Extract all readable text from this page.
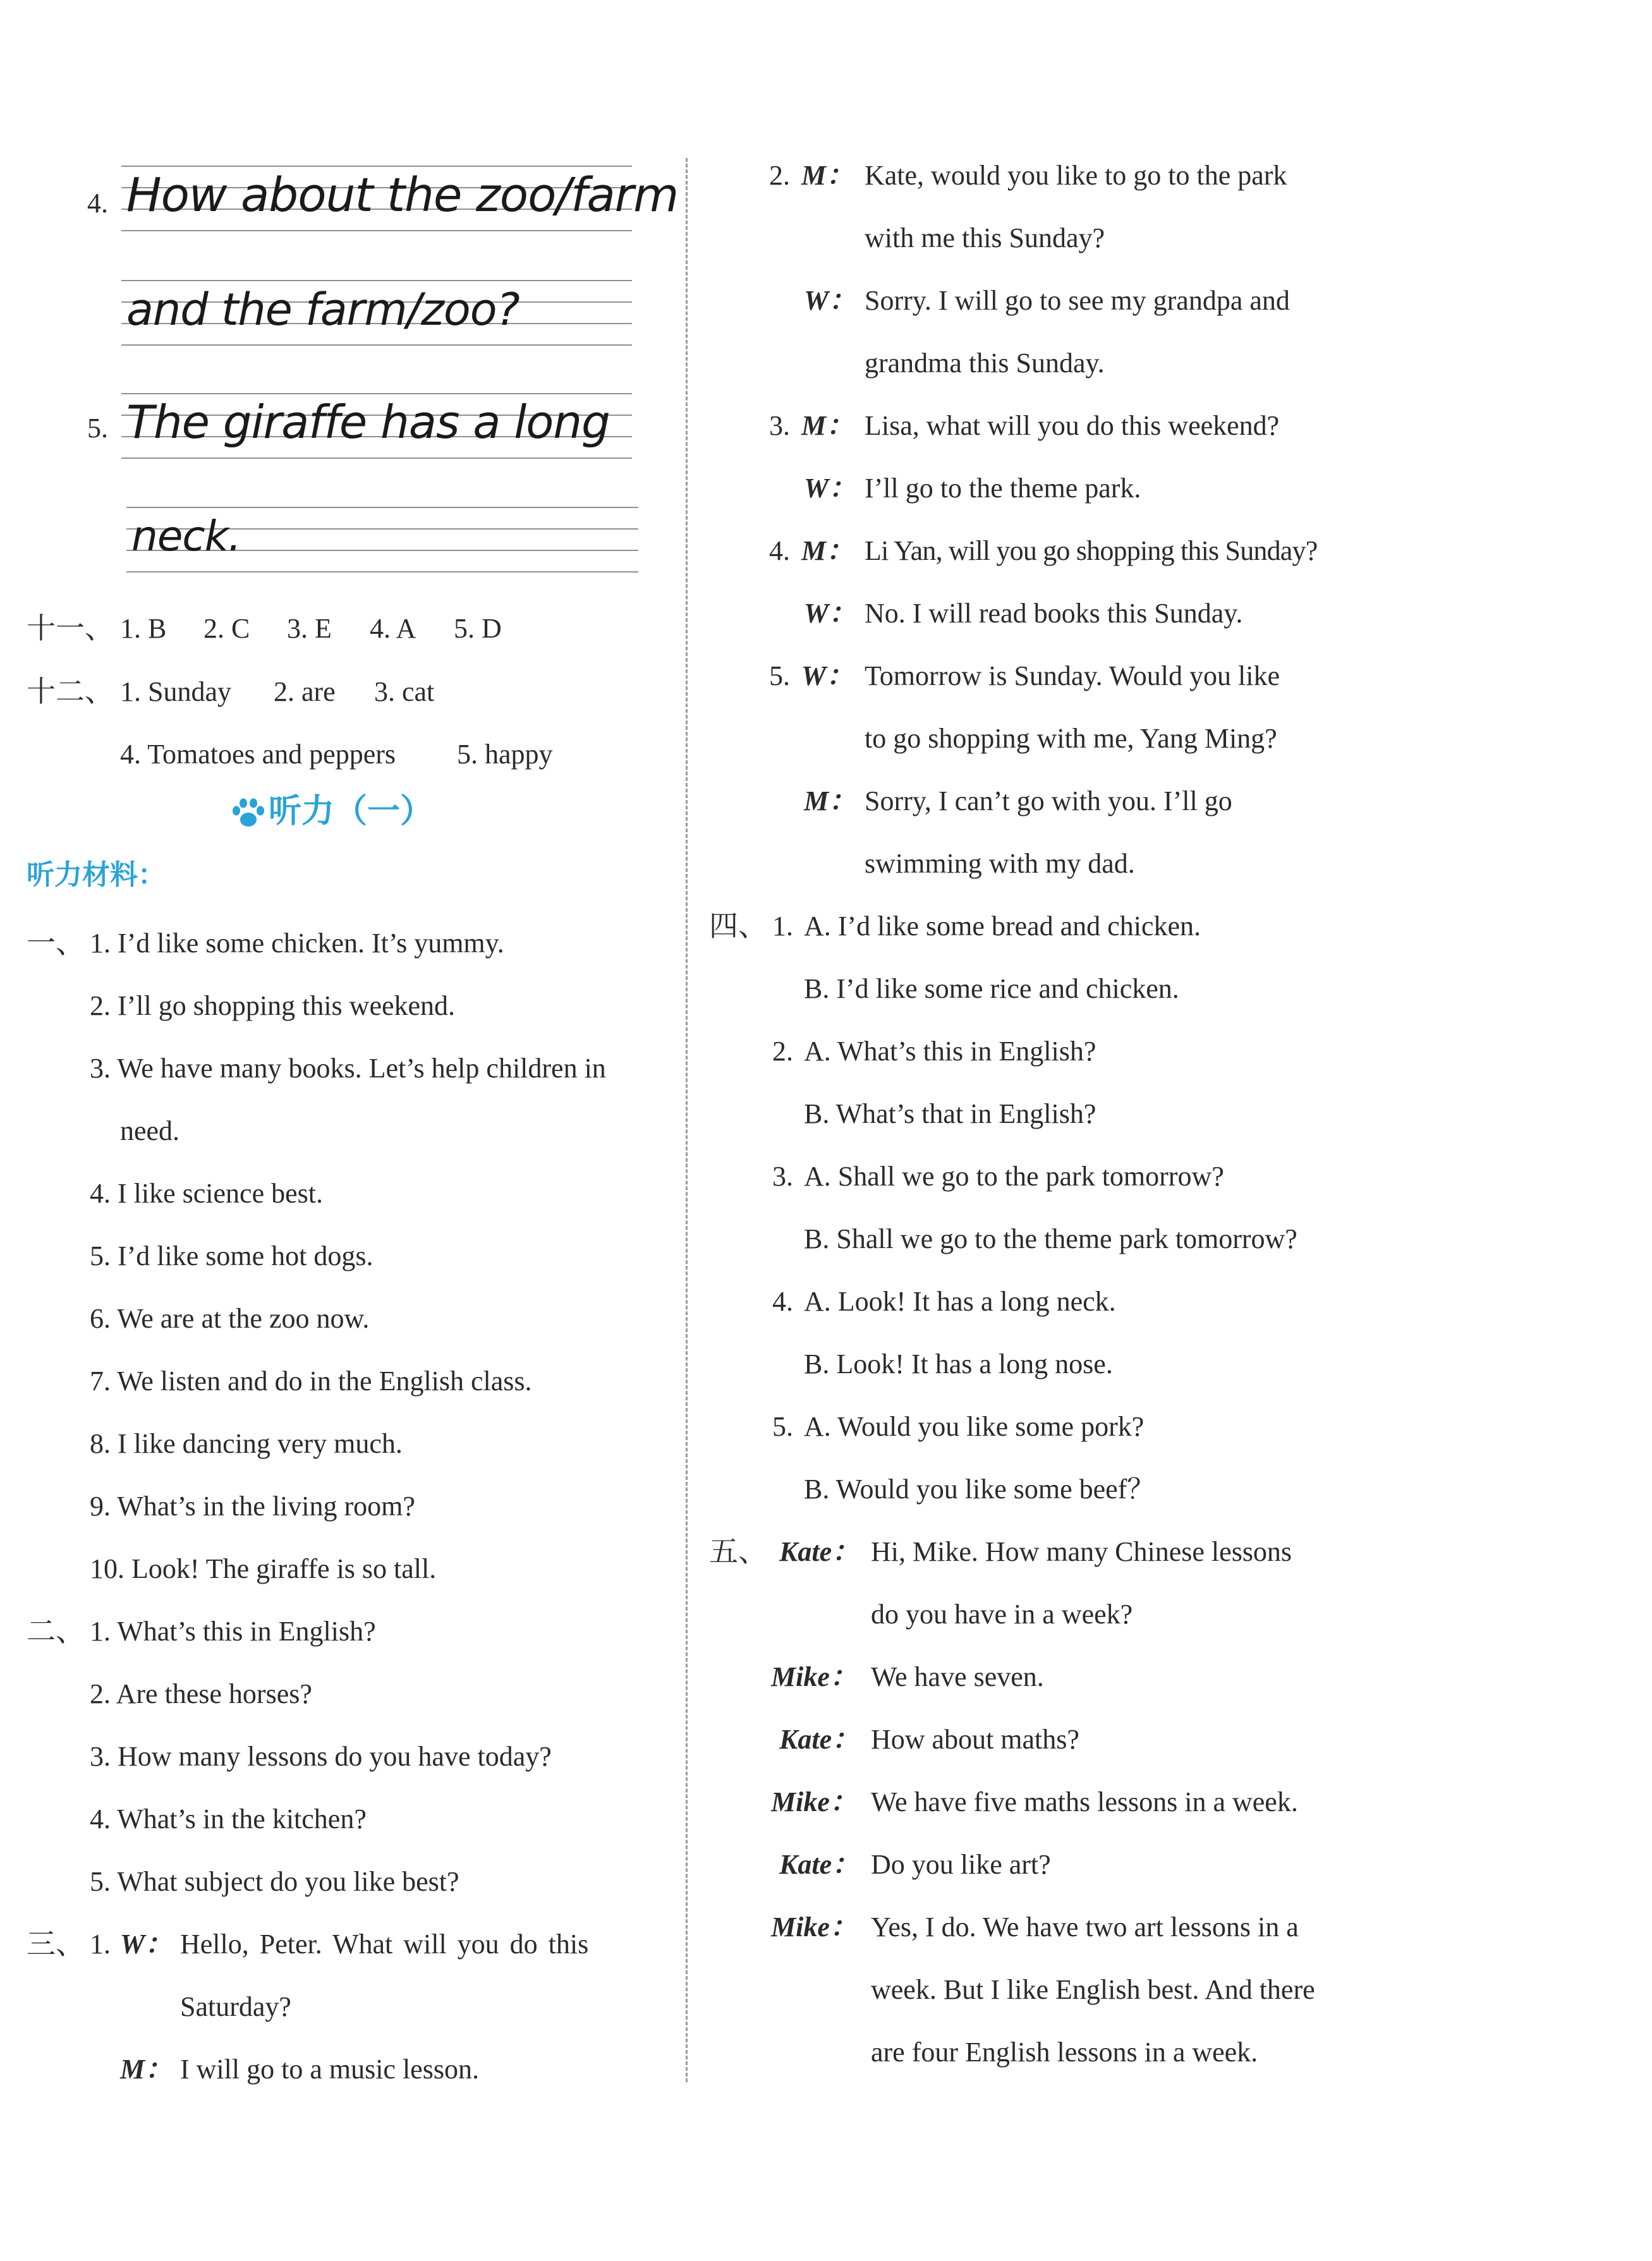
4. How about the zoo/farm
and the farm/zoo?
5. The giraffe has a long
neck.
十一、 1. B 2. C 3. E 4. A 5. D
十二、 1. Sunday 2. are 3. cat
4. Tomatoes and peppers 5. happy
听力（一）
听力材料：
一、 1. I’d like some chicken. It’s yummy.
2. I’ll go shopping this weekend.
3. We have many books. Let’s help children in
need.
4. I like science best.
5. I’d like some hot dogs.
6. We are at the zoo now.
7. We listen and do in the English class.
8. I like dancing very much.
9. What’s in the living room?
10. Look! The giraffe is so tall.
二、 1. What’s this in English?
2. Are these horses?
3. How many lessons do you have today?
4. What’s in the kitchen?
5. What subject do you like best?
三、 1. W： Hello, Peter. What will you do this
Saturday?
M： I will go to a music lesson.
2. M： Kate, would you like to go to the park
with me this Sunday?
W： Sorry. I will go to see my grandpa and
grandma this Sunday.
3. M： Lisa, what will you do this weekend?
W： I’ll go to the theme park.
4. M： Li Yan, will you go shopping this Sunday?
W： No. I will read books this Sunday.
5. W： Tomorrow is Sunday. Would you like
to go shopping with me, Yang Ming?
M： Sorry, I can’t go with you. I’ll go
swimming with my dad.
四、 1. A. I’d like some bread and chicken.
B. I’d like some rice and chicken.
2. A. What’s this in English?
B. What’s that in English?
3. A. Shall we go to the park tomorrow?
B. Shall we go to the theme park tomorrow?
4. A. Look! It has a long neck.
B. Look! It has a long nose.
5. A. Would you like some pork?
B. Would you like some beef？
五、 Kate： Hi, Mike. How many Chinese lessons
do you have in a week?
Mike： We have seven.
Kate： How about maths?
Mike： We have five maths lessons in a week.
Kate： Do you like art?
Mike： Yes, I do. We have two art lessons in a
week. But I like English best. And there
are four English lessons in a week.
